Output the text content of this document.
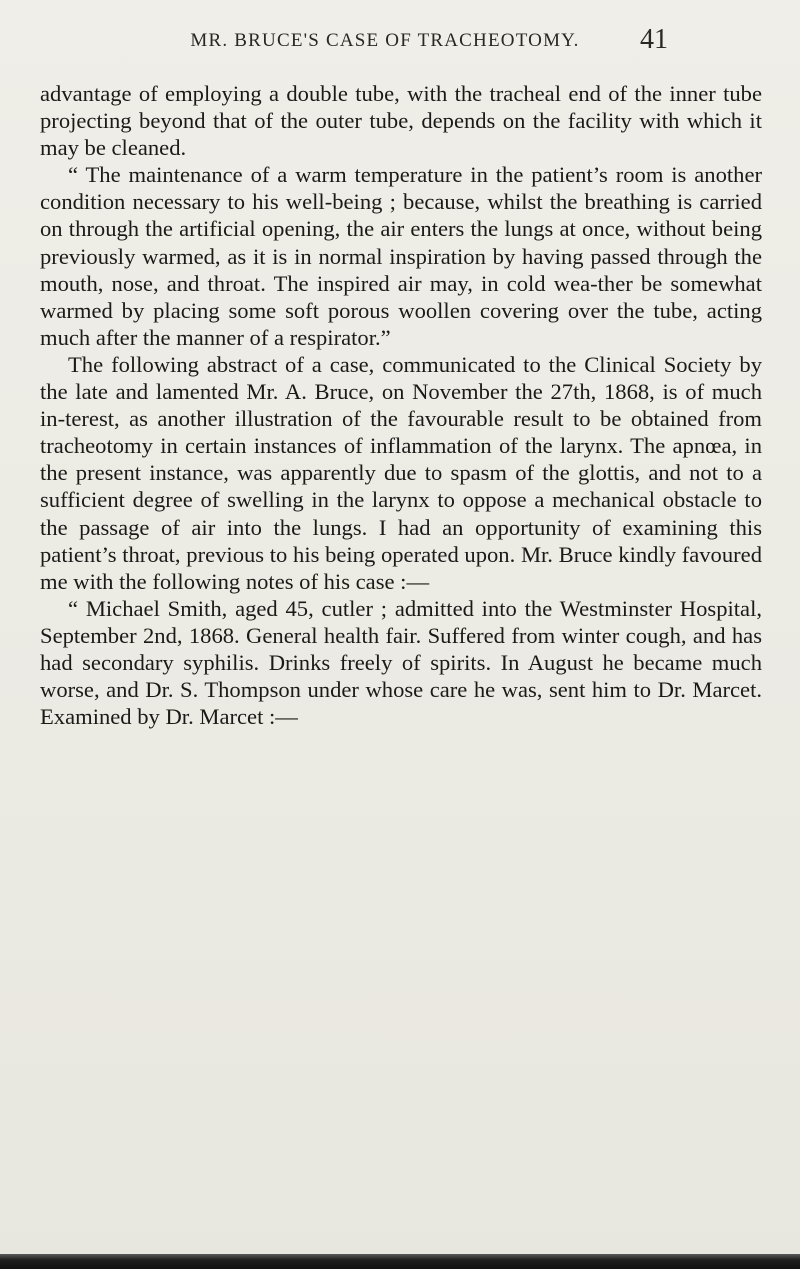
MR. BRUCE'S CASE OF TRACHEOTOMY.	41

advantage of employing a double tube, with the tracheal end of the inner tube projecting beyond that of the outer tube, depends on the facility with which it may be cleaned.

“ The maintenance of a warm temperature in the patient’s room is another condition necessary to his well-being ; because, whilst the breathing is carried on through the artificial opening, the air enters the lungs at once, without being previously warmed, as it is in normal inspiration by having passed through the mouth, nose, and throat. The inspired air may, in cold wea-ther be somewhat warmed by placing some soft porous woollen covering over the tube, acting much after the manner of a respirator.”

The following abstract of a case, communicated to the Clinical Society by the late and lamented Mr. A. Bruce, on November the 27th, 1868, is of much in-terest, as another illustration of the favourable result to be obtained from tracheotomy in certain instances of inflammation of the larynx. The apnœa, in the present instance, was apparently due to spasm of the glottis, and not to a sufficient degree of swelling in the larynx to oppose a mechanical obstacle to the passage of air into the lungs. I had an opportunity of examining this patient’s throat, previous to his being operated upon. Mr. Bruce kindly favoured me with the following notes of his case :—

“ Michael Smith, aged 45, cutler ; admitted into the Westminster Hospital, September 2nd, 1868. General health fair. Suffered from winter cough, and has had secondary syphilis. Drinks freely of spirits. In August he became much worse, and Dr. S. Thompson under whose care he was, sent him to Dr. Marcet. Examined by Dr. Marcet :—
